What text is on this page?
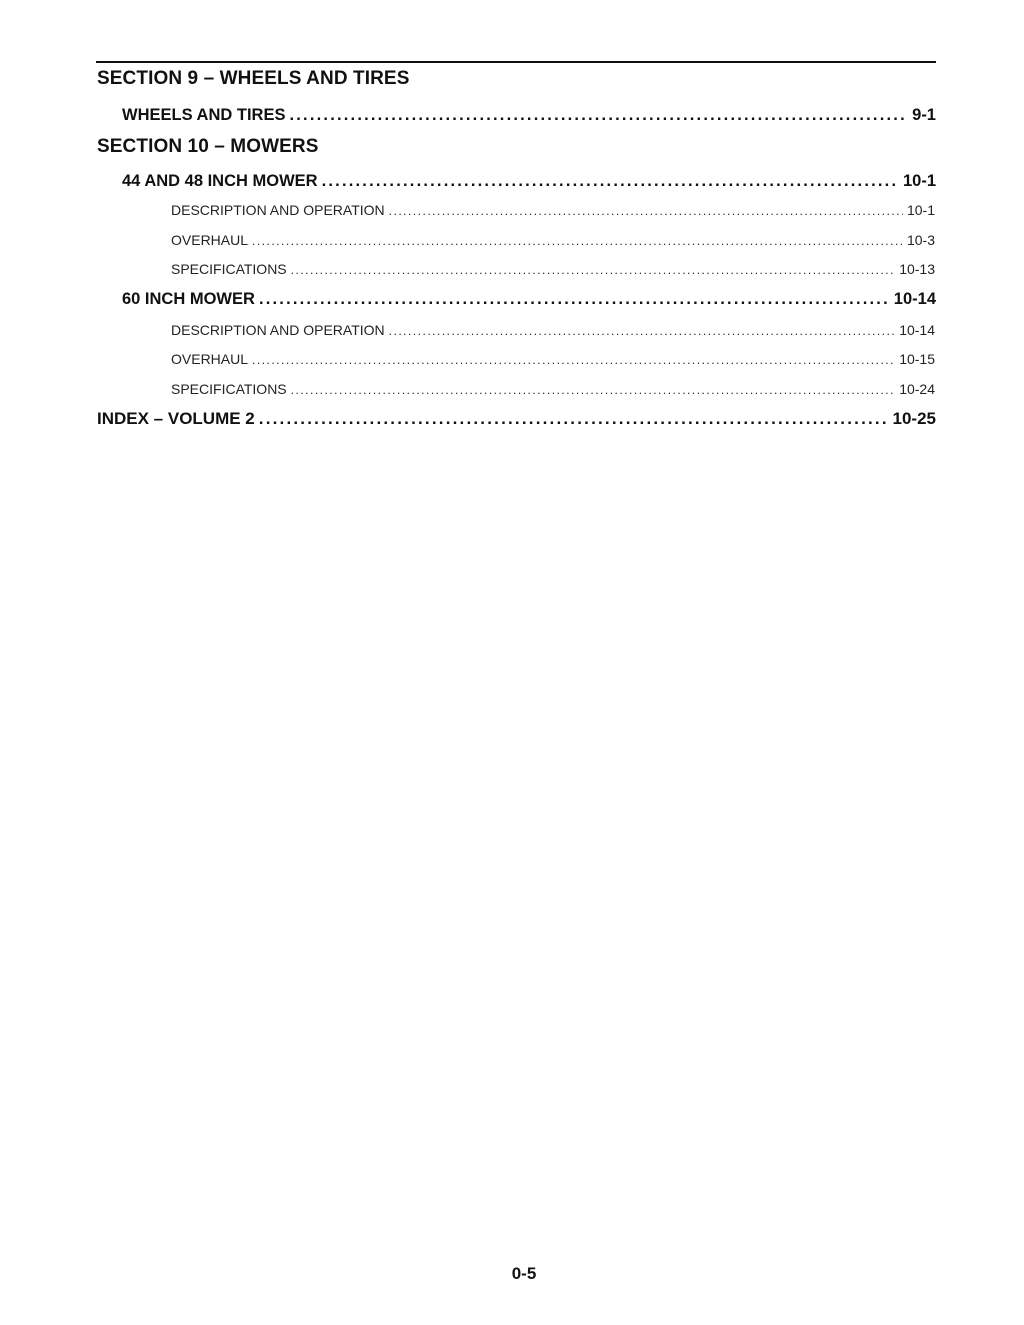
SECTION 9 – WHEELS AND TIRES
WHEELS AND TIRES .....	9-1
SECTION 10 – MOWERS
44 AND 48 INCH MOWER .....	10-1
DESCRIPTION AND OPERATION .....	10-1
OVERHAUL .....	10-3
SPECIFICATIONS .....	10-13
60 INCH MOWER .....	10-14
DESCRIPTION AND OPERATION .....	10-14
OVERHAUL .....	10-15
SPECIFICATIONS .....	10-24
INDEX – VOLUME 2 .....	10-25
0-5
